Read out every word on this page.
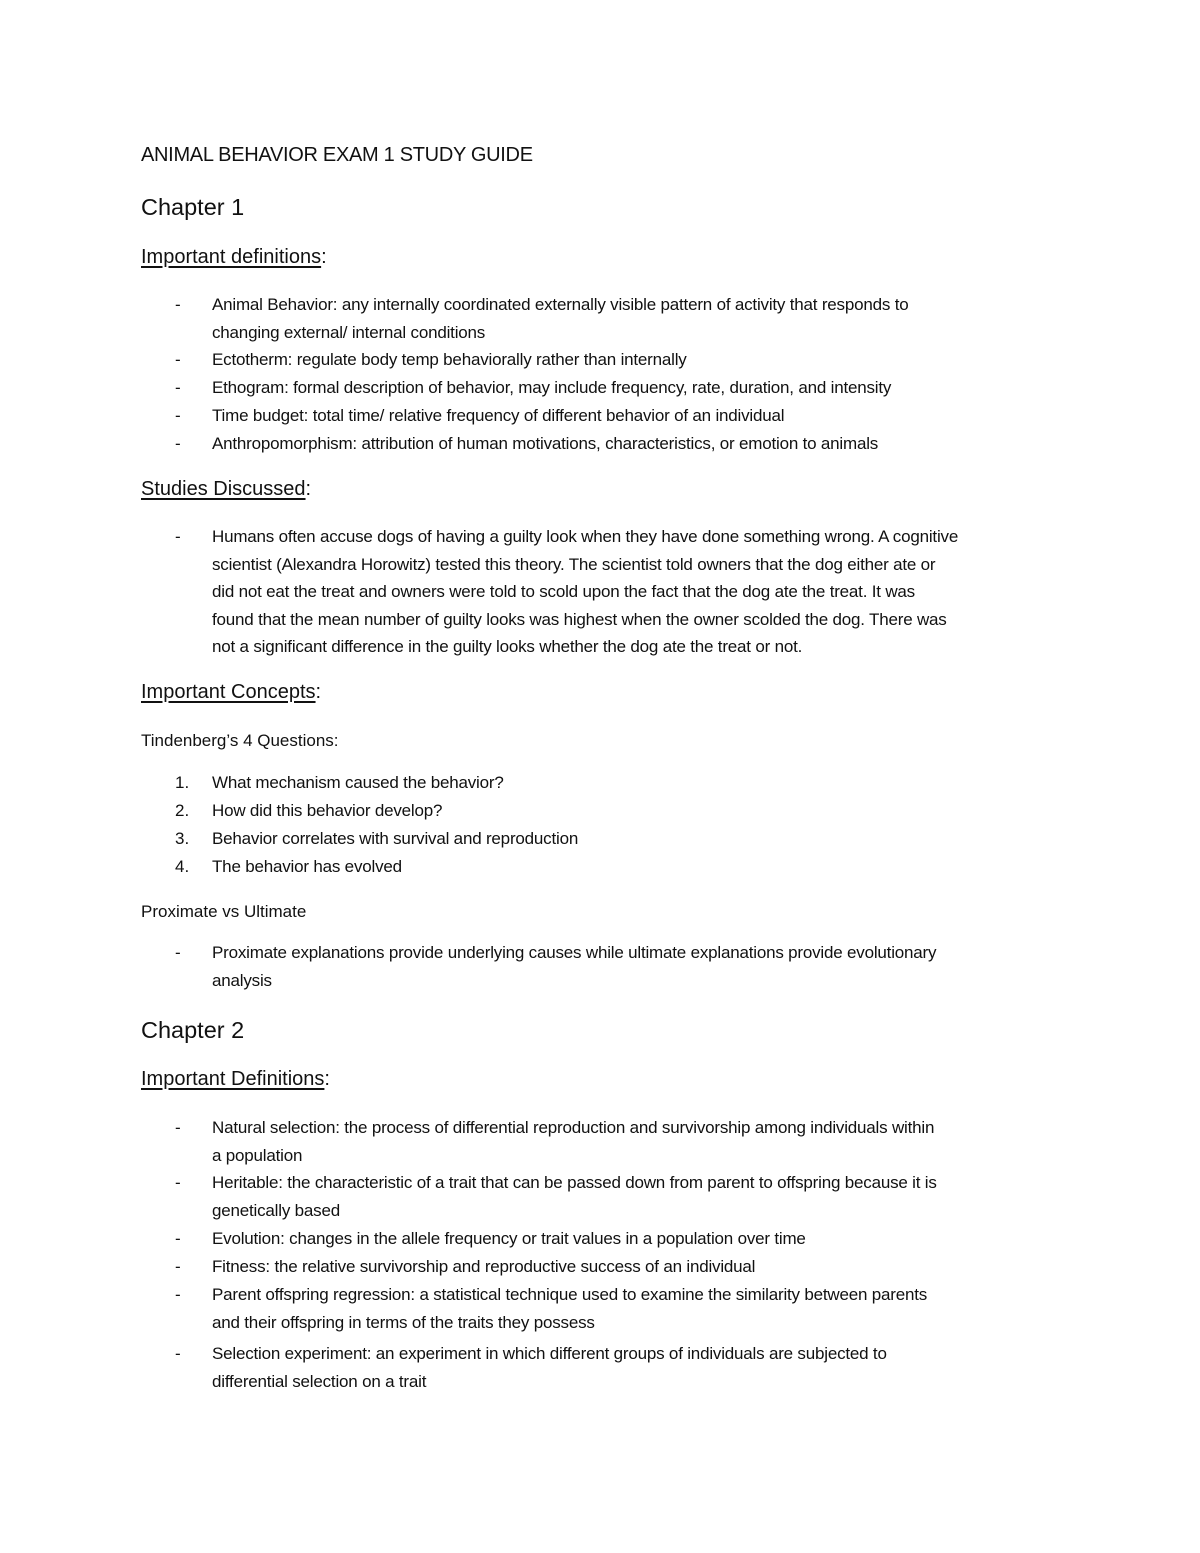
ANIMAL BEHAVIOR EXAM 1 STUDY GUIDE

Chapter 1

Important definitions:

- Animal Behavior: any internally coordinated externally visible pattern of activity that responds to

changing external/ internal conditions

- Ectotherm: regulate body temp behaviorally rather than internally

- Ethogram: formal description of behavior, may include frequency, rate, duration, and intensity

- Time budget: total time/ relative frequency of different behavior of an individual

- Anthropomorphism: attribution of human motivations, characteristics, or emotion to animals

Studies Discussed:

- Humans often accuse dogs of having a guilty look when they have done something wrong. A cognitive

scientist (Alexandra Horowitz) tested this theory. The scientist told owners that the dog either ate or

did not eat the treat and owners were told to scold upon the fact that the dog ate the treat. It was

found that the mean number of guilty looks was highest when the owner scolded the dog. There was

not a significant difference in the guilty looks whether the dog ate the treat or not.

Important Concepts:

Tindenberg’s 4 Questions:

1. What mechanism caused the behavior?

2. How did this behavior develop?

3. Behavior correlates with survival and reproduction

4. The behavior has evolved

Proximate vs Ultimate

- Proximate explanations provide underlying causes while ultimate explanations provide evolutionary

analysis

Chapter 2

Important Definitions:

- Natural selection: the process of differential reproduction and survivorship among individuals within

a population

- Heritable: the characteristic of a trait that can be passed down from parent to offspring because it is

genetically based

- Evolution: changes in the allele frequency or trait values in a population over time

- Fitness: the relative survivorship and reproductive success of an individual

- Parent offspring regression: a statistical technique used to examine the similarity between parents

and their offspring in terms of the traits they possess

- Selection experiment: an experiment in which different groups of individuals are subjected to

differential selection on a trait
